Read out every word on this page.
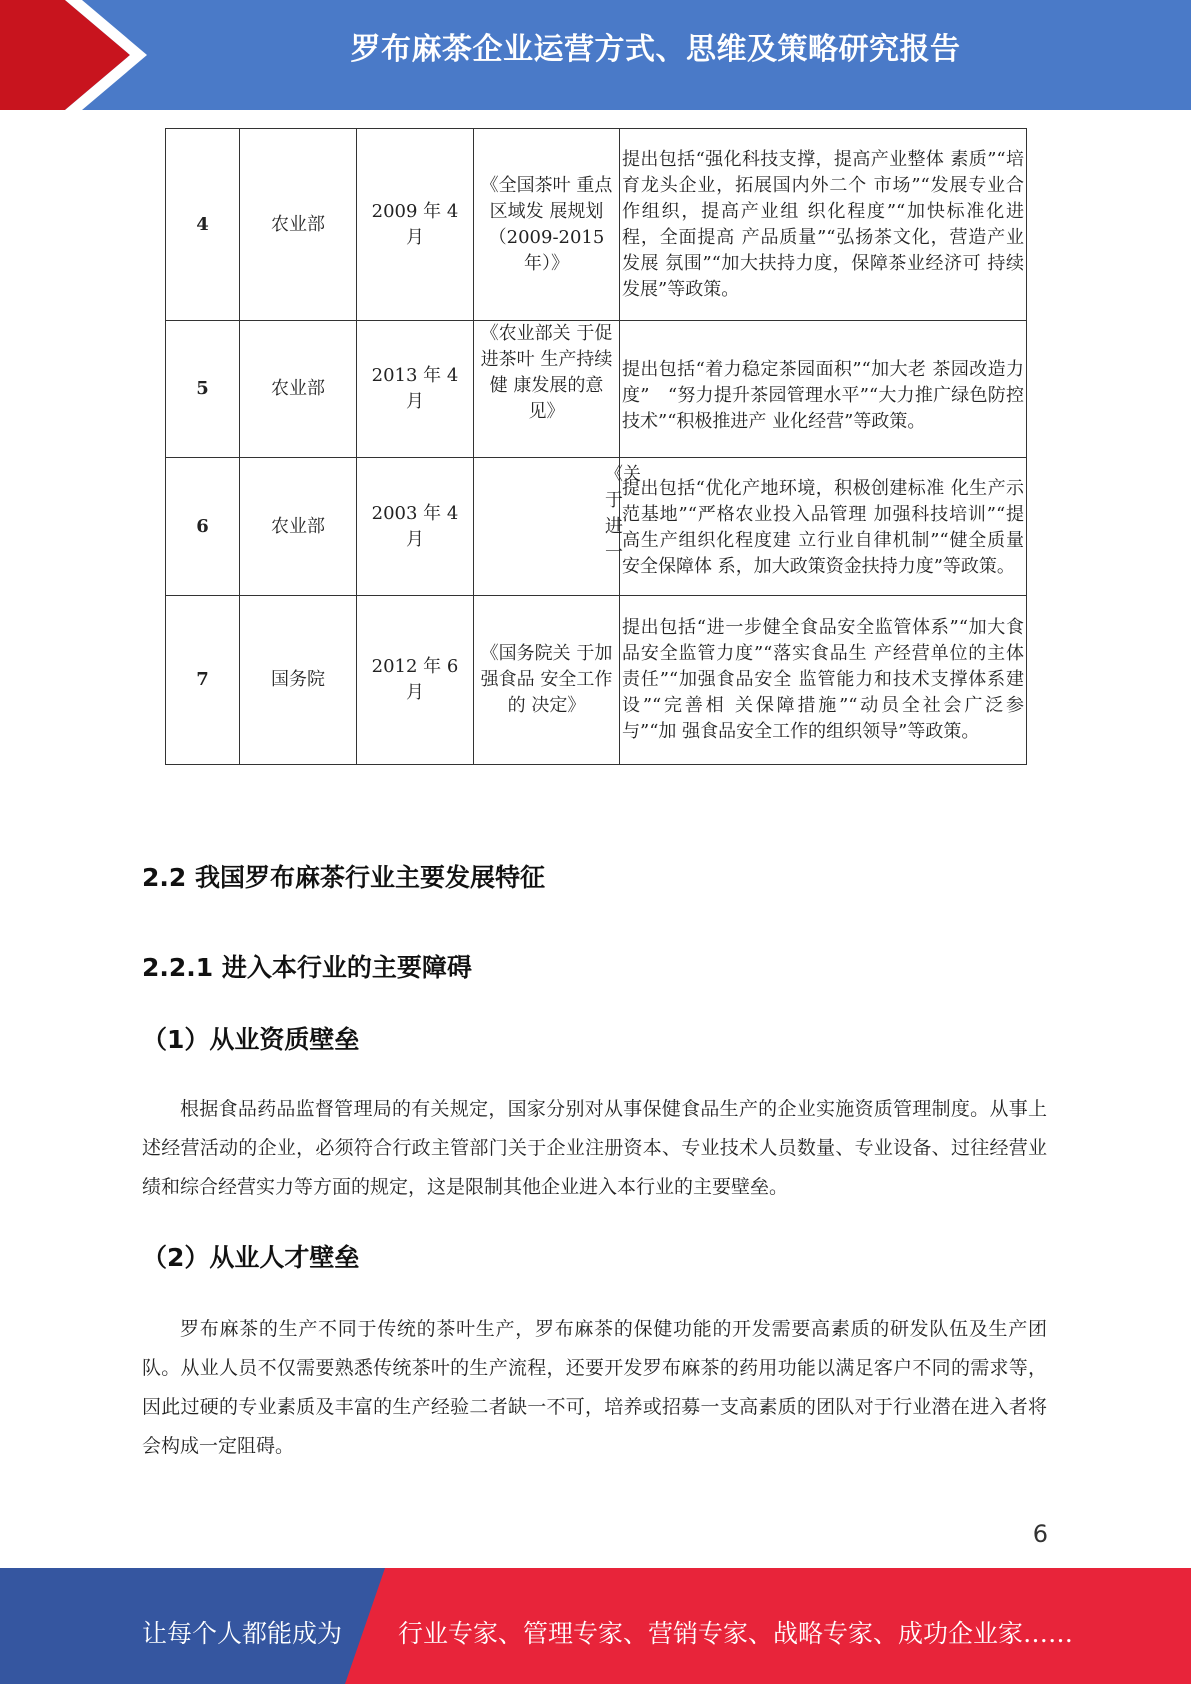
罗布麻茶企业运营方式、思维及策略研究报告
4	农业部	2009 年 4 月	《全国茶叶 重点区域发 展规划（2009-2015 年）》	提出包括“强化科技支撑，提高产业整体 素质”“培育龙头企业，拓展国内外二个 市场”“发展专业合作组织，提高产业组 织化程度”“加快标准化进程，全面提高 产品质量”“弘扬茶文化，营造产业发展 氛围”“加大扶持力度，保障茶业经济可 持续发展”等政策。
5	农业部	2013 年 4 月	《农业部关 于促进茶叶 生产持续健 康发展的意 见》	提出包括“着力稳定茶园面积”“加大老 茶园改造力度”　“努力提升茶园管理水平”“大力推广绿色防控技术”“积极推进产 业化经营”等政策。
6	农业部	2003 年 4 月	《关于进一	提出包括“优化产地环境，积极创建标准 化生产示范基地”“严格农业投入品管理 加强科技培训”“提高生产组织化程度建 立行业自律机制”“健全质量安全保障体 系，加大政策资金扶持力度”等政策。
7	国务院	2012 年 6 月	《国务院关 于加强食品 安全工作的 决定》	提出包括“进一步健全食品安全监管体系”“加大食品安全监管力度”“落实食品生 产经营单位的主体责任”“加强食品安全 监管能力和技术支撑体系建设”“完善相 关保障措施”“动员全社会广泛参与”“加 强食品安全工作的组织领导”等政策。
2.2 我国罗布麻茶行业主要发展特征
2.2.1 进入本行业的主要障碍
（1）从业资质壁垒
根据食品药品监督管理局的有关规定，国家分别对从事保健食品生产的企业实施资质管理制度。从事上述经营活动的企业，必须符合行政主管部门关于企业注册资本、专业技术人员数量、专业设备、过往经营业绩和综合经营实力等方面的规定，这是限制其他企业进入本行业的主要壁垒。
（2）从业人才壁垒
罗布麻茶的生产不同于传统的茶叶生产，罗布麻茶的保健功能的开发需要高素质的研发队伍及生产团队。从业人员不仅需要熟悉传统茶叶的生产流程，还要开发罗布麻茶的药用功能以满足客户不同的需求等，因此过硬的专业素质及丰富的生产经验二者缺一不可，培养或招募一支高素质的团队对于行业潜在进入者将会构成一定阻碍。
6
让每个人都能成为 行业专家、管理专家、营销专家、战略专家、成功企业家……
